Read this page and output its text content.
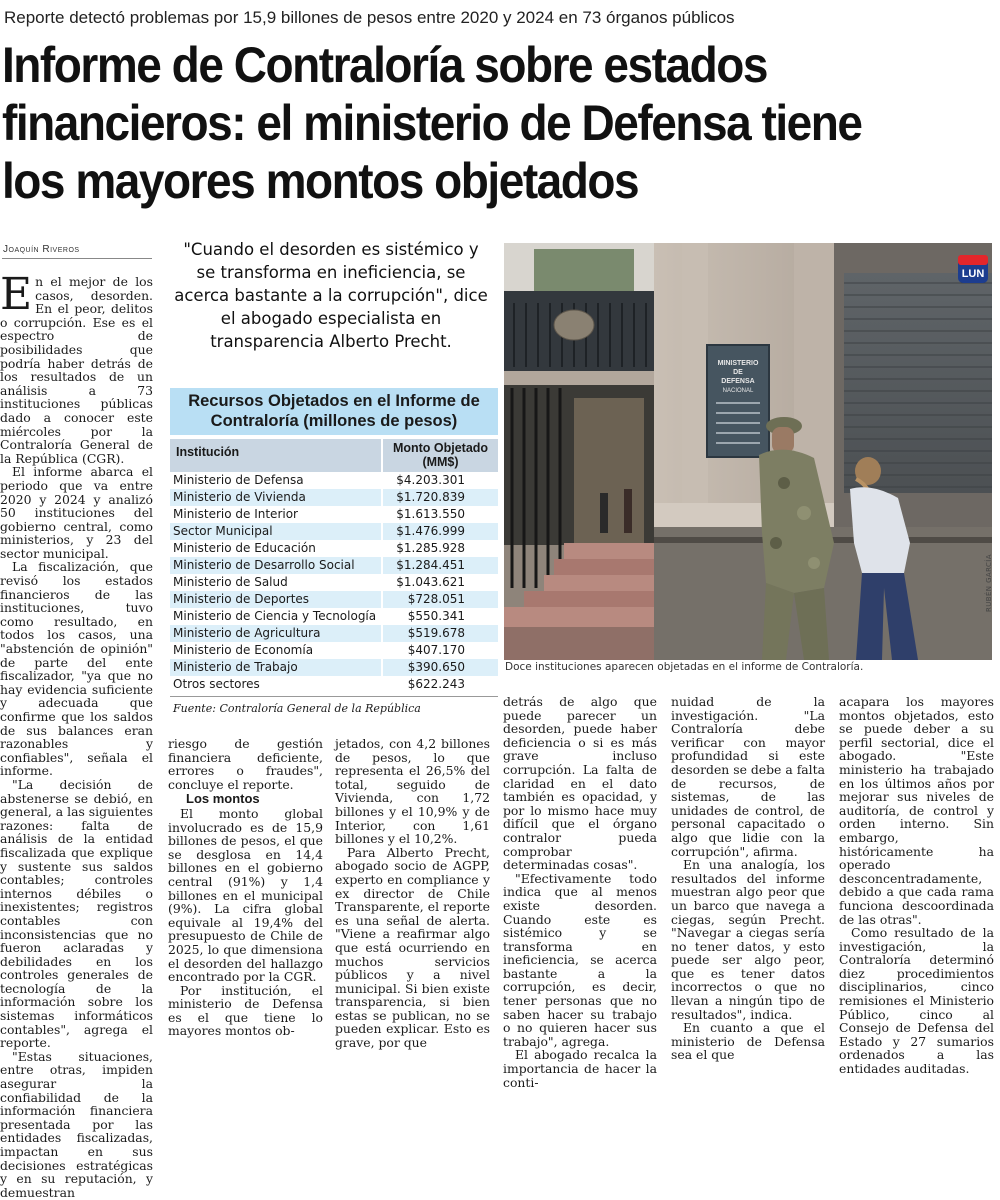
Reporte detectó problemas por 15,9 billones de pesos entre 2020 y 2024 en 73 órganos públicos
Informe de Contraloría sobre estados financieros: el ministerio de Defensa tiene los mayores montos objetados
Joaquín Riveros

En el mejor de los casos, desorden. En el peor, delitos o corrupción. Ese es el espectro de posibilidades que podría haber detrás de los resultados de un análisis a 73 instituciones públicas dado a conocer este miércoles por la Contraloría General de la República (CGR).

El informe abarca el periodo que va entre 2020 y 2024 y analizó 50 instituciones del gobierno central, como ministerios, y 23 del sector municipal.

La fiscalización, que revisó los estados financieros de las instituciones, tuvo como resultado, en todos los casos, una "abstención de opinión" de parte del ente fiscalizador, "ya que no hay evidencia suficiente y adecuada que confirme que los saldos de sus balances eran razonables y confiables", señala el informe.

"La decisión de abstenerse se debió, en general, a las siguientes razones: falta de análisis de la entidad fiscalizada que explique y sustente sus saldos contables; controles internos débiles o inexistentes; registros contables con inconsistencias que no fueron aclaradas y debilidades en los controles generales de tecnología de la información sobre los sistemas informáticos contables", agrega el reporte.

"Estas situaciones, entre otras, impiden asegurar la confiabilidad de la información financiera presentada por las entidades fiscalizadas, impactan en sus decisiones estratégicas y en su reputación, y demuestran

"Cuando el desorden es sistémico y se transforma en ineficiencia, se acerca bastante a la corrupción", dice el abogado especialista en transparencia Alberto Precht.
Recursos Objetados en el Informe de Contraloría (millones de pesos)
Institución	Monto Objetado (MM$)
Ministerio de Defensa	$4.203.301
Ministerio de Vivienda	$1.720.839
Ministerio de Interior	$1.613.550
Sector Municipal	$1.476.999
Ministerio de Educación	$1.285.928
Ministerio de Desarrollo Social	$1.284.451
Ministerio de Salud	$1.043.621
Ministerio de Deportes	$728.051
Ministerio de Ciencia y Tecnología	$550.341
Ministerio de Agricultura	$519.678
Ministerio de Economía	$407.170
Ministerio de Trabajo	$390.650
Otros sectores	$622.243
Fuente: Contraloría General de la República

riesgo de gestión financiera deficiente, errores o fraudes", concluye el reporte.

Los montos

El monto global involucrado es de 15,9 billones de pesos, el que se desglosa en 14,4 billones en el gobierno central (91%) y 1,4 billones en el municipal (9%). La cifra global equivale al 19,4% del presupuesto de Chile de 2025, lo que dimensiona el desorden del hallazgo encontrado por la CGR.

Por institución, el ministerio de Defensa es el que tiene lo mayores montos ob-

jetados, con 4,2 billones de pesos, lo que representa el 26,5% del total, seguido de Vivienda, con 1,72 billones y el 10,9% y de Interior, con 1,61 billones y el 10,2%.

Para Alberto Precht, abogado socio de AGPP, experto en compliance y ex director de Chile Transparente, el reporte es una señal de alerta. "Viene a reafirmar algo que está ocurriendo en muchos servicios públicos y a nivel municipal. Si bien existe transparencia, si bien estas se publican, no se pueden explicar. Esto es grave, por que

MINISTERIO
DE
DEFENSA
NACIONAL
LUN
RUBÉN GARCÍA
Doce instituciones aparecen objetadas en el informe de Contraloría.

detrás de algo que puede parecer un desorden, puede haber deficiencia o si es más grave incluso corrupción. La falta de claridad en el dato también es opacidad, y por lo mismo hace muy difícil que el órgano contralor pueda comprobar determinadas cosas".

"Efectivamente todo indica que al menos existe desorden. Cuando este es sistémico y se transforma en ineficiencia, se acerca bastante a la corrupción, es decir, tener personas que no saben hacer su trabajo o no quieren hacer sus trabajo", agrega.

El abogado recalca la importancia de hacer la conti-

nuidad de la investigación. "La Contraloría debe verificar con mayor profundidad si este desorden se debe a falta de recursos, de sistemas, de las unidades de control, de personal capacitado o algo que lidie con la corrupción", afirma.

En una analogía, los resultados del informe muestran algo peor que un barco que navega a ciegas, según Precht. "Navegar a ciegas sería no tener datos, y esto puede ser algo peor, que es tener datos incorrectos o que no llevan a ningún tipo de resultados", indica.

En cuanto a que el ministerio de Defensa sea el que

acapara los mayores montos objetados, esto se puede deber a su perfil sectorial, dice el abogado. "Este ministerio ha trabajado en los últimos años por mejorar sus niveles de auditoría, de control y orden interno. Sin embargo, históricamente ha operado desconcentradamente, debido a que cada rama funciona descoordinada de las otras".

Como resultado de la investigación, la Contraloría determinó diez procedimientos disciplinarios, cinco remisiones el Ministerio Público, cinco al Consejo de Defensa del Estado y 27 sumarios ordenados a las entidades auditadas.
